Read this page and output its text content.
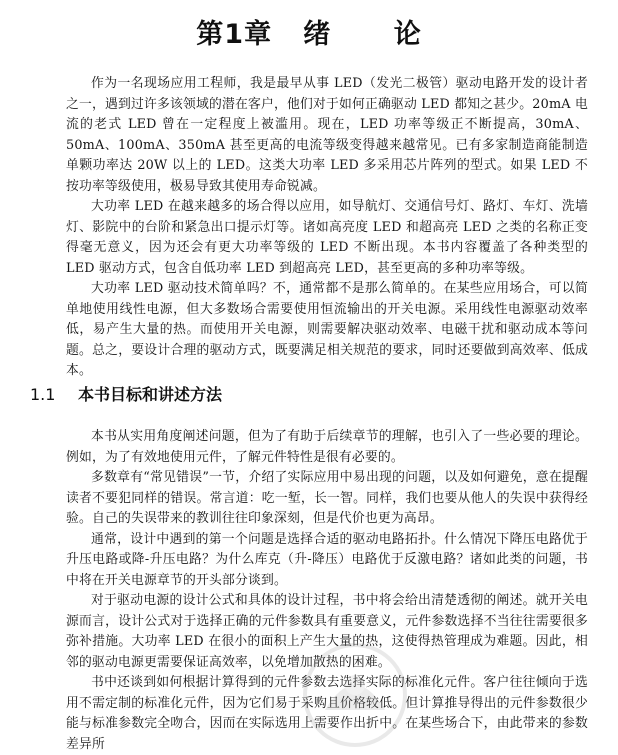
第1章 绪 论

作为一名现场应用工程师，我是最早从事 LED（发光二极管）驱动电路开发的设计者之一，遇到过许多该领域的潜在客户，他们对于如何正确驱动 LED 都知之甚少。20mA 电流的老式 LED 曾在一定程度上被滥用。现在，LED 功率等级正不断提高，30mA、50mA、100mA、350mA 甚至更高的电流等级变得越来越常见。已有多家制造商能制造单颗功率达 20W 以上的 LED。这类大功率 LED 多采用芯片阵列的型式。如果 LED 不按功率等级使用，极易导致其使用寿命锐减。

大功率 LED 在越来越多的场合得以应用，如导航灯、交通信号灯、路灯、车灯、洗墙灯、影院中的台阶和紧急出口提示灯等。诸如高亮度 LED 和超高亮 LED 之类的名称正变得毫无意义，因为还会有更大功率等级的 LED 不断出现。本书内容覆盖了各种类型的 LED 驱动方式，包含自低功率 LED 到超高亮 LED，甚至更高的多种功率等级。

大功率 LED 驱动技术简单吗？不，通常都不是那么简单的。在某些应用场合，可以简单地使用线性电源，但大多数场合需要使用恒流输出的开关电源。采用线性电源驱动效率低，易产生大量的热。而使用开关电源，则需要解决驱动效率、电磁干扰和驱动成本等问题。总之，要设计合理的驱动方式，既要满足相关规范的要求，同时还要做到高效率、低成本。

1.1 本书目标和讲述方法

本书从实用角度阐述问题，但为了有助于后续章节的理解，也引入了一些必要的理论。例如，为了有效地使用元件，了解元件特性是很有必要的。

多数章有“常见错误”一节，介绍了实际应用中易出现的问题，以及如何避免，意在提醒读者不要犯同样的错误。常言道：吃一堑，长一智。同样，我们也要从他人的失误中获得经验。自己的失误带来的教训往往印象深刻，但是代价也更为高昂。

通常，设计中遇到的第一个问题是选择合适的驱动电路拓扑。什么情况下降压电路优于升压电路或降-升压电路？为什么库克（升-降压）电路优于反激电路？诸如此类的问题，书中将在开关电源章节的开头部分谈到。

对于驱动电源的设计公式和具体的设计过程，书中将会给出清楚透彻的阐述。就开关电源而言，设计公式对于选择正确的元件参数具有重要意义，元件参数选择不当往往需要很多弥补措施。大功率 LED 在很小的面积上产生大量的热，这使得热管理成为难题。因此，相邻的驱动电源更需要保证高效率，以免增加散热的困难。

书中还谈到如何根据计算得到的元件参数去选择实际的标准化元件。客户往往倾向于选用不需定制的标准化元件，因为它们易于采购且价格较低。但计算推导得出的元件参数很少能与标准参数完全吻合，因而在实际选用上需要作出折中。在某些场合下，由此带来的参数差异所
